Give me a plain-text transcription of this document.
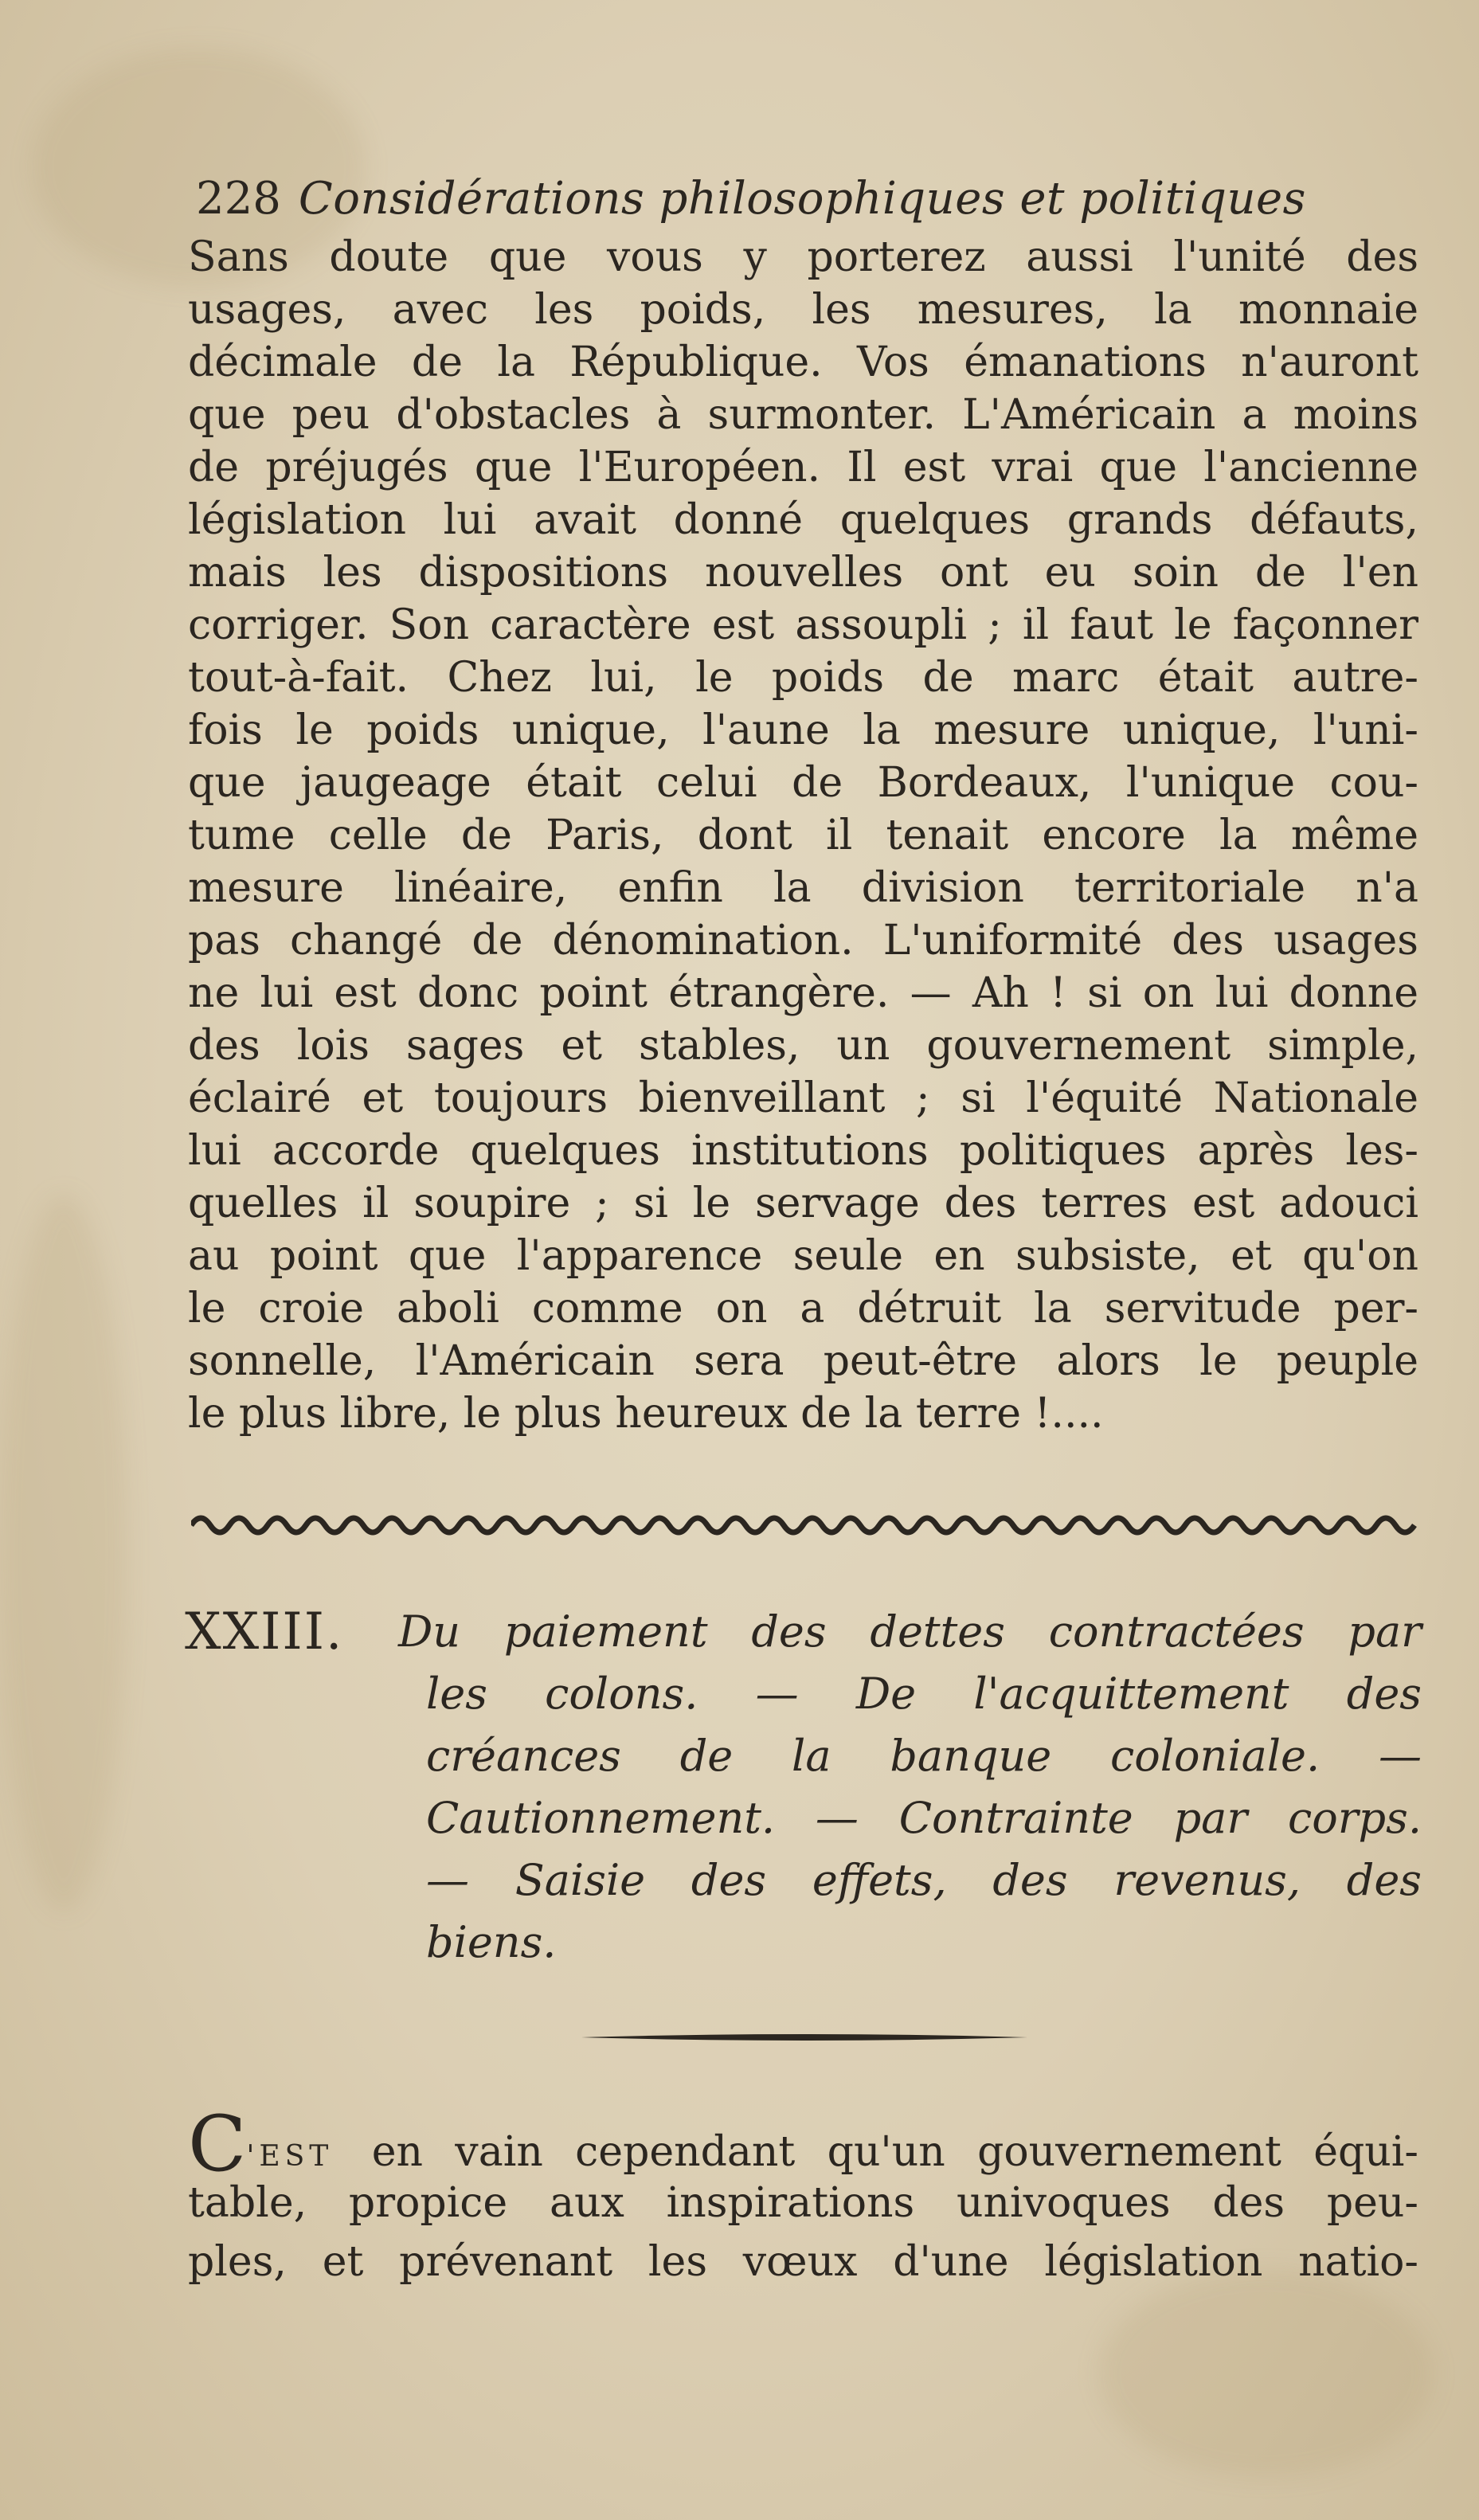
228 Considérations philosophiques et politiques
Sans doute que vous y porterez aussi l'unité des
usages, avec les poids, les mesures, la monnaie
décimale de la République. Vos émanations n'auront
que peu d'obstacles à surmonter. L'Américain a moins
de préjugés que l'Européen. Il est vrai que l'ancienne
législation lui avait donné quelques grands défauts,
mais les dispositions nouvelles ont eu soin de l'en
corriger. Son caractère est assoupli ; il faut le façonner
tout-à-fait. Chez lui, le poids de marc était autre-
fois le poids unique, l'aune la mesure unique, l'uni-
que jaugeage était celui de Bordeaux, l'unique cou-
tume celle de Paris, dont il tenait encore la même
mesure linéaire, enfin la division territoriale n'a
pas changé de dénomination. L'uniformité des usages
ne lui est donc point étrangère. — Ah ! si on lui donne
des lois sages et stables, un gouvernement simple,
éclairé et toujours bienveillant ; si l'équité Nationale
lui accorde quelques institutions politiques après les-
quelles il soupire ; si le servage des terres est adouci
au point que l'apparence seule en subsiste, et qu'on
le croie aboli comme on a détruit la servitude per-
sonnelle, l'Américain sera peut-être alors le peuple
le plus libre, le plus heureux de la terre !....
XXIII. Du paiement des dettes contractées par
les colons. — De l'acquittement des
créances de la banque coloniale. —
Cautionnement. — Contrainte par corps.
— Saisie des effets, des revenus, des
biens.
C'EST en vain cependant qu'un gouvernement équi-
table, propice aux inspirations univoques des peu-
ples, et prévenant les vœux d'une législation natio-
